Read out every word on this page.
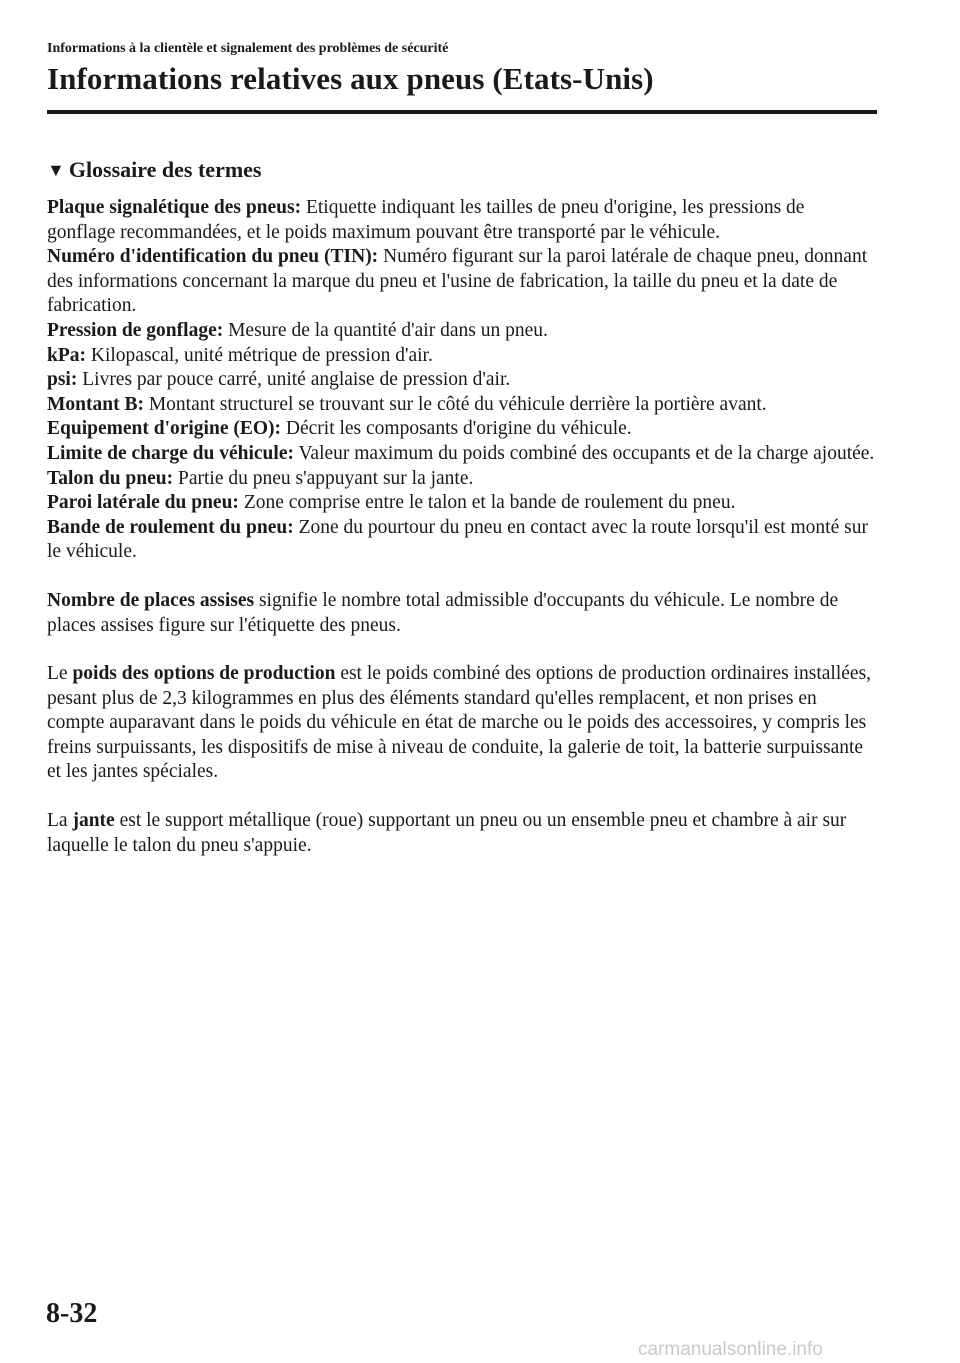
Informations à la clientèle et signalement des problèmes de sécurité

Informations relatives aux pneus (Etats-Unis)
▼ Glossaire des termes

Plaque signalétique des pneus: Etiquette indiquant les tailles de pneu d'origine, les pressions de gonflage recommandées, et le poids maximum pouvant être transporté par le véhicule.

Numéro d'identification du pneu (TIN): Numéro figurant sur la paroi latérale de chaque pneu, donnant des informations concernant la marque du pneu et l'usine de fabrication, la taille du pneu et la date de fabrication.

Pression de gonflage: Mesure de la quantité d'air dans un pneu.

kPa: Kilopascal, unité métrique de pression d'air.

psi: Livres par pouce carré, unité anglaise de pression d'air.

Montant B: Montant structurel se trouvant sur le côté du véhicule derrière la portière avant.

Equipement d'origine (EO): Décrit les composants d'origine du véhicule.

Limite de charge du véhicule: Valeur maximum du poids combiné des occupants et de la charge ajoutée.

Talon du pneu: Partie du pneu s'appuyant sur la jante.

Paroi latérale du pneu: Zone comprise entre le talon et la bande de roulement du pneu.

Bande de roulement du pneu: Zone du pourtour du pneu en contact avec la route lorsqu'il est monté sur le véhicule.

Nombre de places assises signifie le nombre total admissible d'occupants du véhicule. Le nombre de places assises figure sur l'étiquette des pneus.

Le poids des options de production est le poids combiné des options de production ordinaires installées, pesant plus de 2,3 kilogrammes en plus des éléments standard qu'elles remplacent, et non prises en compte auparavant dans le poids du véhicule en état de marche ou le poids des accessoires, y compris les freins surpuissants, les dispositifs de mise à niveau de conduite, la galerie de toit, la batterie surpuissante et les jantes spéciales.

La jante est le support métallique (roue) supportant un pneu ou un ensemble pneu et chambre à air sur laquelle le talon du pneu s'appuie.

8-32

carmanualsonline.info
